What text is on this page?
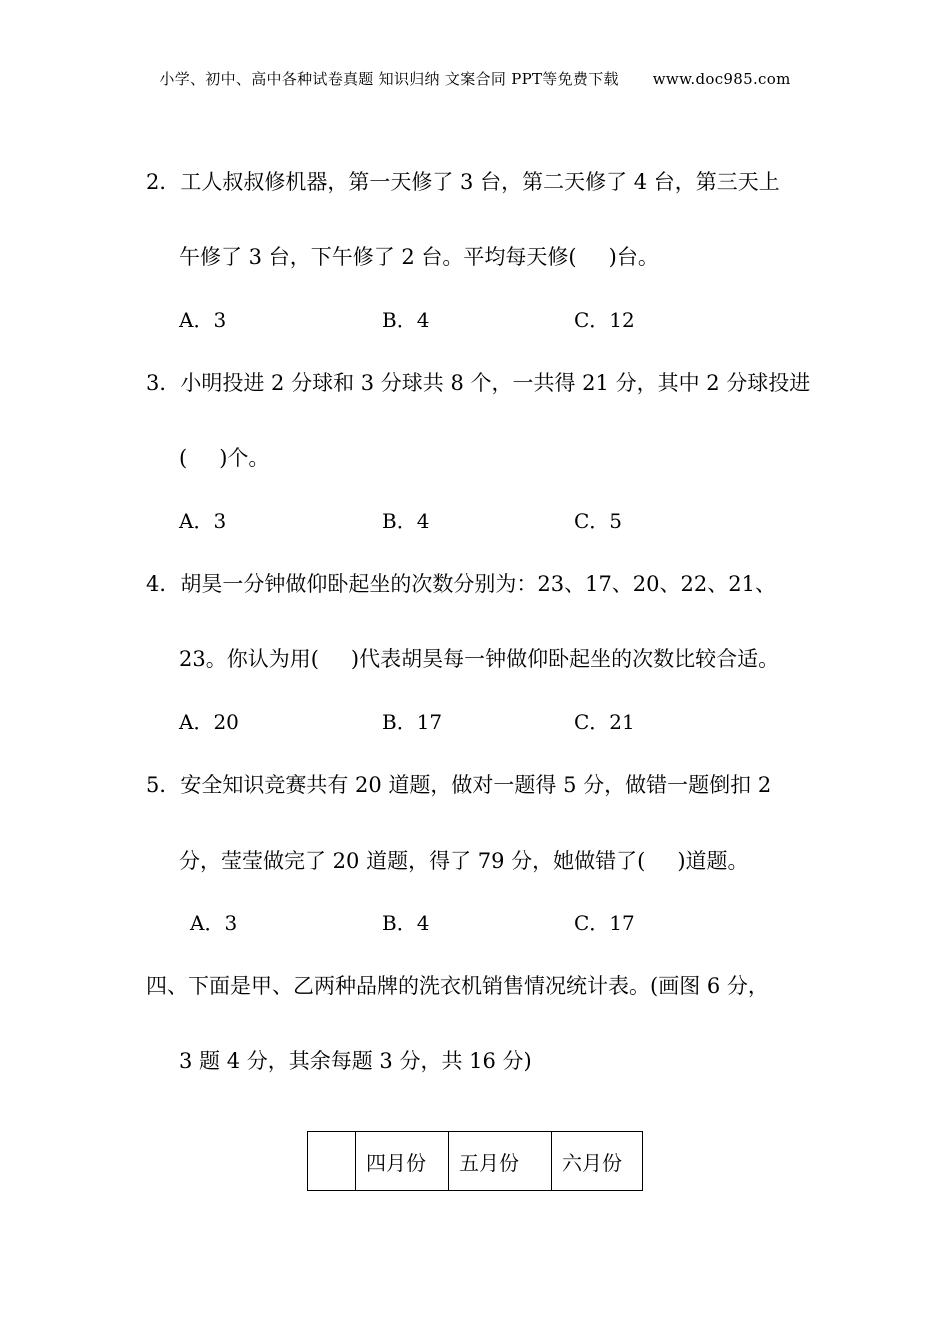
小学、初中、高中各种试卷真题 知识归纳 文案合同 PPT等免费下载 www.doc985.com
2．工人叔叔修机器，第一天修了 3 台，第二天修了 4 台，第三天上
午修了 3 台，下午修了 2 台。平均每天修( )台。
A．3	B．4	C．12
3．小明投进 2 分球和 3 分球共 8 个，一共得 21 分，其中 2 分球投进
( )个。
A．3	B．4	C．5
4．胡昊一分钟做仰卧起坐的次数分别为：23、17、20、22、21、
23。你认为用( )代表胡昊每一钟做仰卧起坐的次数比较合适。
A．20	B．17	C．21
5．安全知识竞赛共有 20 道题，做对一题得 5 分，做错一题倒扣 2
分，莹莹做完了 20 道题，得了 79 分，她做错了( )道题。
A．3	B．4	C．17
四、下面是甲、乙两种品牌的洗衣机销售情况统计表。(画图 6 分，
3 题 4 分，其余每题 3 分，共 16 分)
	四月份	五月份	六月份
